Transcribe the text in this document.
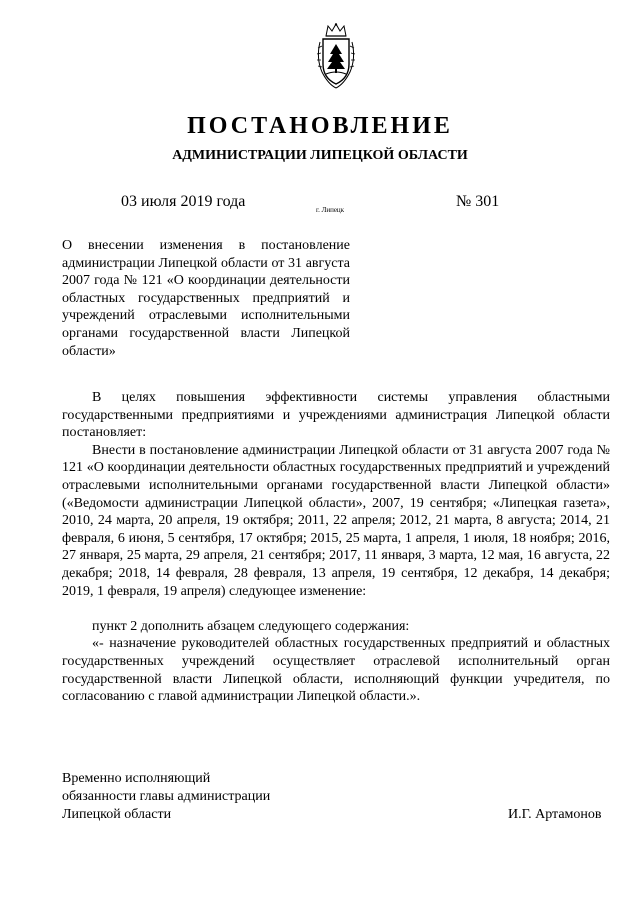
ПОСТАНОВЛЕНИЕ
АДМИНИСТРАЦИИ ЛИПЕЦКОЙ ОБЛАСТИ
03 июля 2019 года	г. Липецк	№ 301
О внесении изменения в постановление администрации Липецкой области от 31 августа 2007 года № 121 «О координации деятельности областных государственных предприятий и учреждений отраслевыми исполнительными органами государственной власти Липецкой области»

В целях повышения эффективности системы управления областными государственными предприятиями и учреждениями администрация Липецкой области постановляет:

Внести в постановление администрации Липецкой области от 31 августа 2007 года № 121 «О координации деятельности областных государственных предприятий и учреждений отраслевыми исполнительными органами государственной власти Липецкой области» («Ведомости администрации Липецкой области», 2007, 19 сентября; «Липецкая газета», 2010, 24 марта, 20 апреля, 19 октября; 2011, 22 апреля; 2012, 21 марта, 8 августа; 2014, 21 февраля, 6 июня, 5 сентября, 17 октября; 2015, 25 марта, 1 апреля, 1 июля, 18 ноября; 2016, 27 января, 25 марта, 29 апреля, 21 сентября; 2017, 11 января, 3 марта, 12 мая, 16 августа, 22 декабря; 2018, 14 февраля, 28 февраля, 13 апреля, 19 сентября, 12 декабря, 14 декабря; 2019, 1 февраля, 19 апреля) следующее изменение:

пункт 2 дополнить абзацем следующего содержания:

«- назначение руководителей областных государственных предприятий и областных государственных учреждений осуществляет отраслевой исполнительный орган государственной власти Липецкой области, исполняющий функции учредителя, по согласованию с главой администрации Липецкой области.».

Временно исполняющий
обязанности главы администрации
Липецкой области	И.Г. Артамонов
